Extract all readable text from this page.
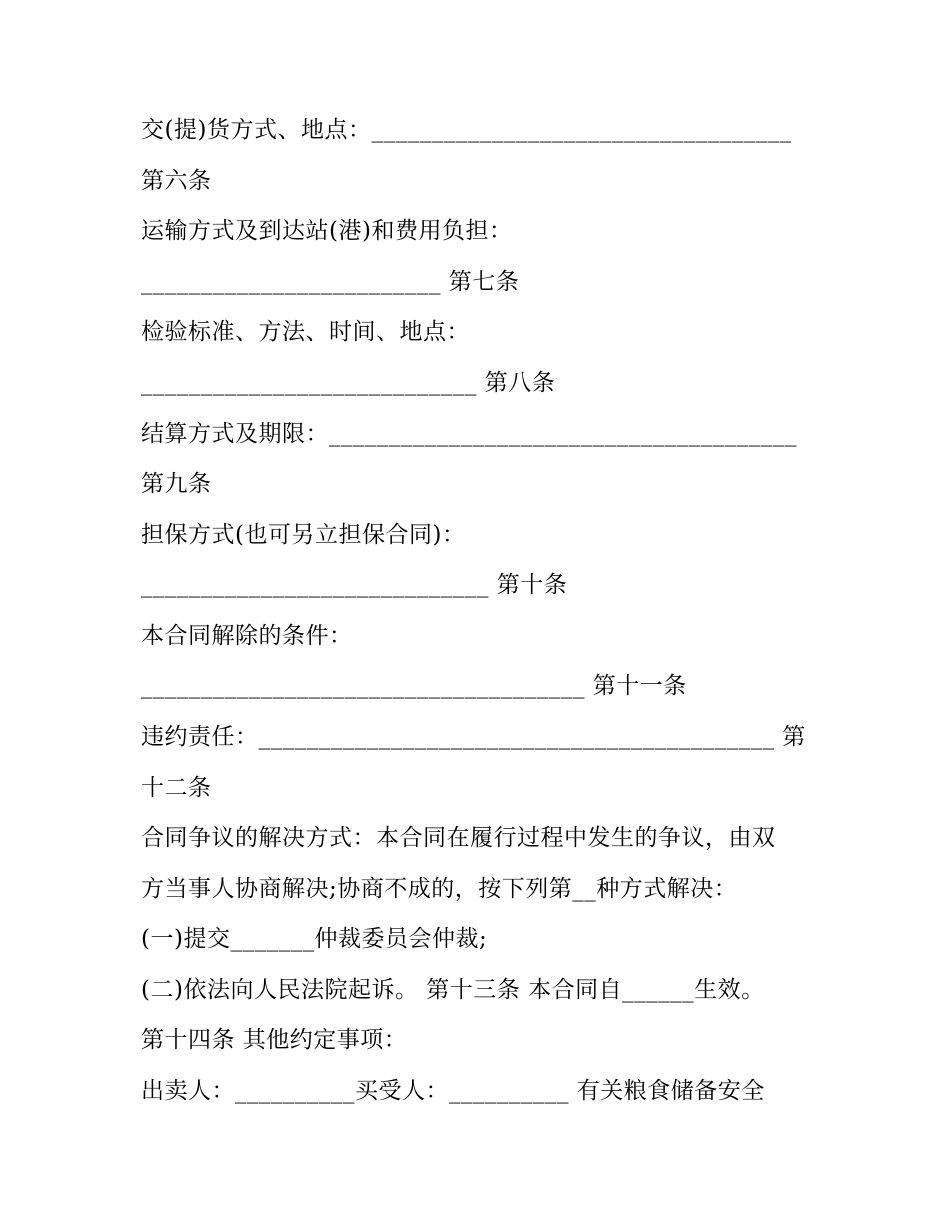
交(提)货方式、地点：___________________________________
第六条
运输方式及到达站(港)和费用负担：
_________________________ 第七条
检验标准、方法、时间、地点：
____________________________ 第八条
结算方式及期限：_______________________________________
第九条
担保方式(也可另立担保合同)：
_____________________________ 第十条
本合同解除的条件：
_____________________________________ 第十一条
违约责任：___________________________________________ 第
十二条
合同争议的解决方式：本合同在履行过程中发生的争议，由双
方当事人协商解决;协商不成的，按下列第__种方式解决：
(一)提交_______仲裁委员会仲裁;
(二)依法向人民法院起诉。 第十三条 本合同自______生效。
第十四条 其他约定事项：
出卖人：__________买受人：__________ 有关粮食储备安全
